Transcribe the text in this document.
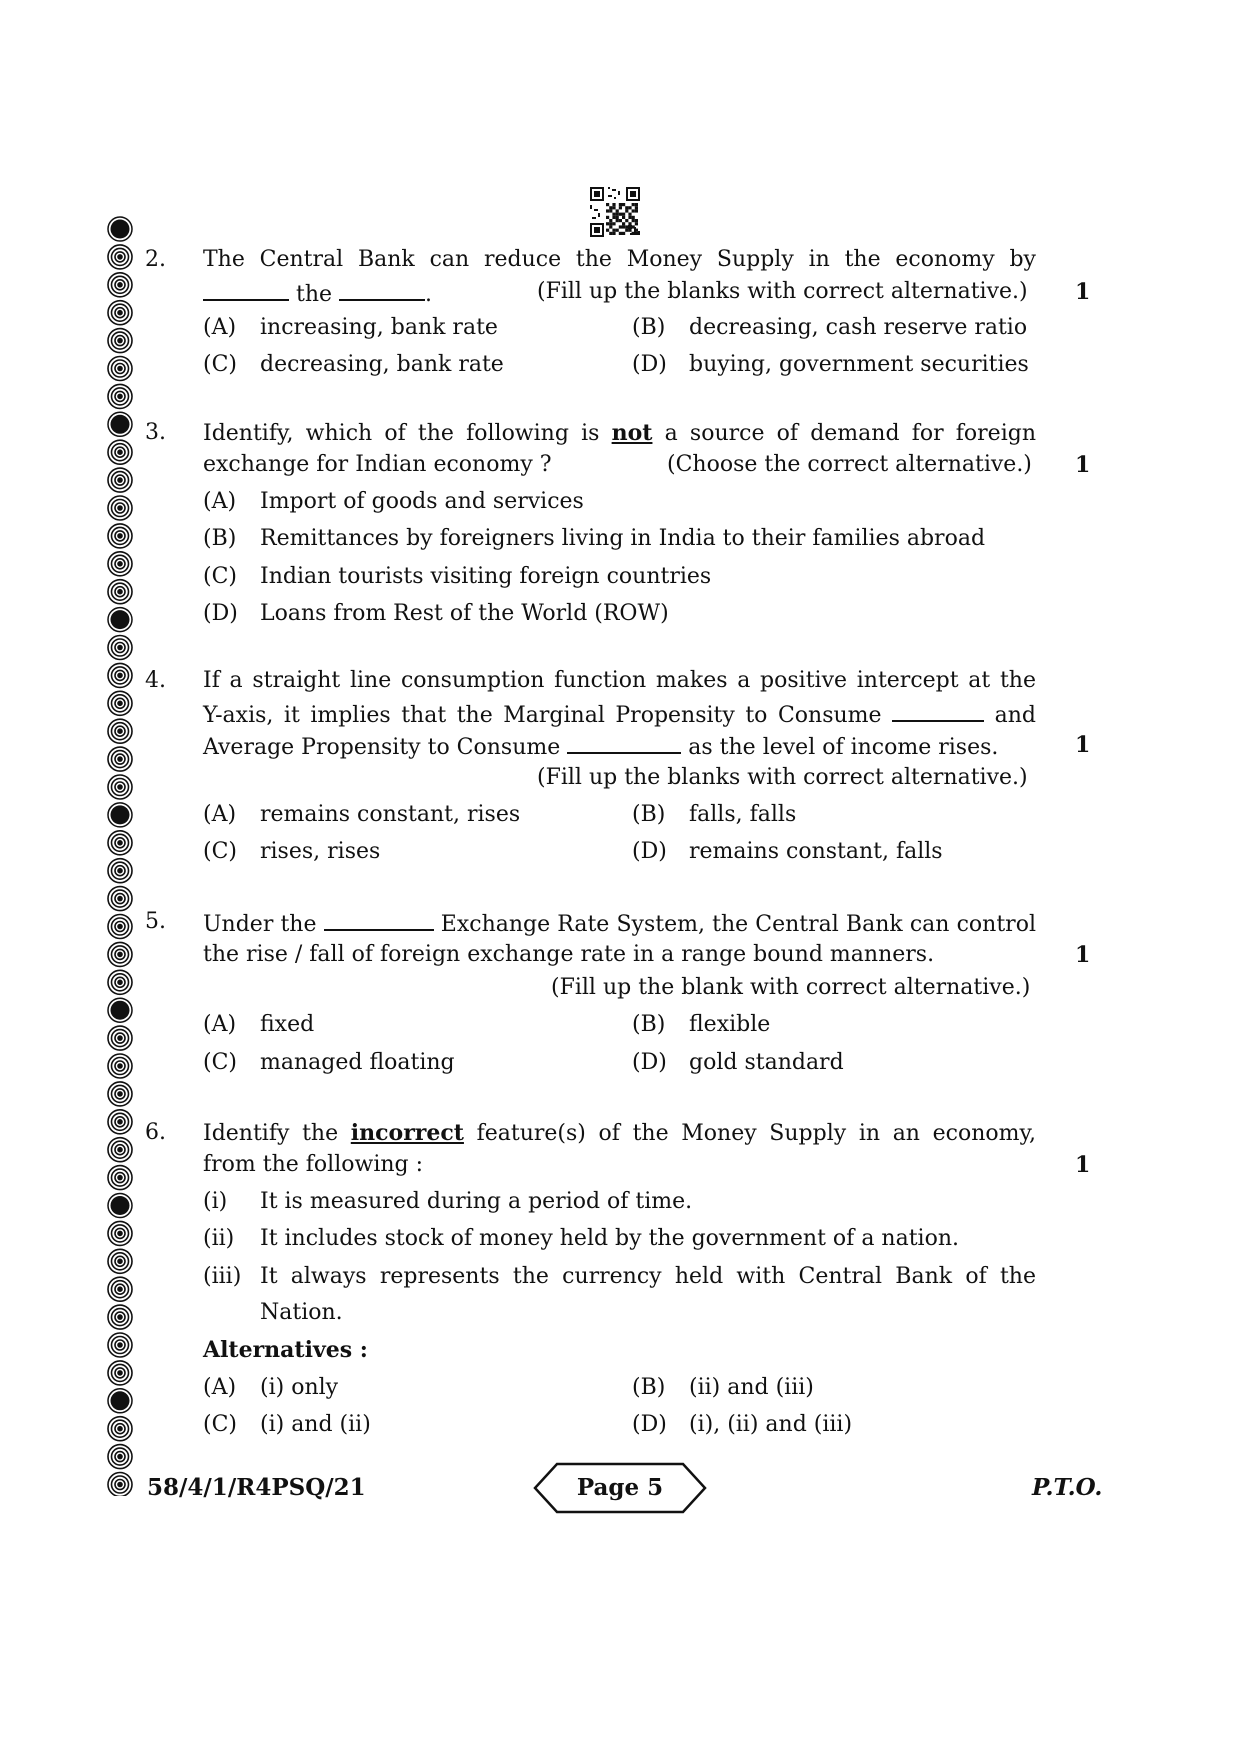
2. The Central Bank can reduce the Money Supply in the economy by
the	.	(Fill up the blanks with correct alternative.) 1
(A) increasing, bank rate	(B) decreasing, cash reserve ratio
(C) decreasing, bank rate	(D) buying, government securities
3. Identify, which of the following is not a source of demand for foreign
exchange for Indian economy ?	(Choose the correct alternative.) 1
(A) Import of goods and services
(B) Remittances by foreigners living in India to their families abroad
(C) Indian tourists visiting foreign countries
(D) Loans from Rest of the World (ROW)
4. If a straight line consumption function makes a positive intercept at the
Y-axis, it implies that the Marginal Propensity to Consume	and
Average Propensity to Consume	as the level of income rises.	1
(Fill up the blanks with correct alternative.)
(A) remains constant, rises	(B) falls, falls
(C) rises, rises	(D) remains constant, falls
5. Under the	Exchange Rate System, the Central Bank can control
the rise / fall of foreign exchange rate in a range bound manners.	1
(Fill up the blank with correct alternative.)
(A) fixed	(B) flexible
(C) managed floating	(D) gold standard
6. Identify the incorrect feature(s) of the Money Supply in an economy,
from the following :	1
(i) It is measured during a period of time.
(ii) It includes stock of money held by the government of a nation.
(iii) It always represents the currency held with Central Bank of the
Nation.
Alternatives :
(A) (i) only	(B) (ii) and (iii)
(C) (i) and (ii)	(D) (i), (ii) and (iii)
58/4/1/R4PSQ/21	Page 5	P.T.O.
